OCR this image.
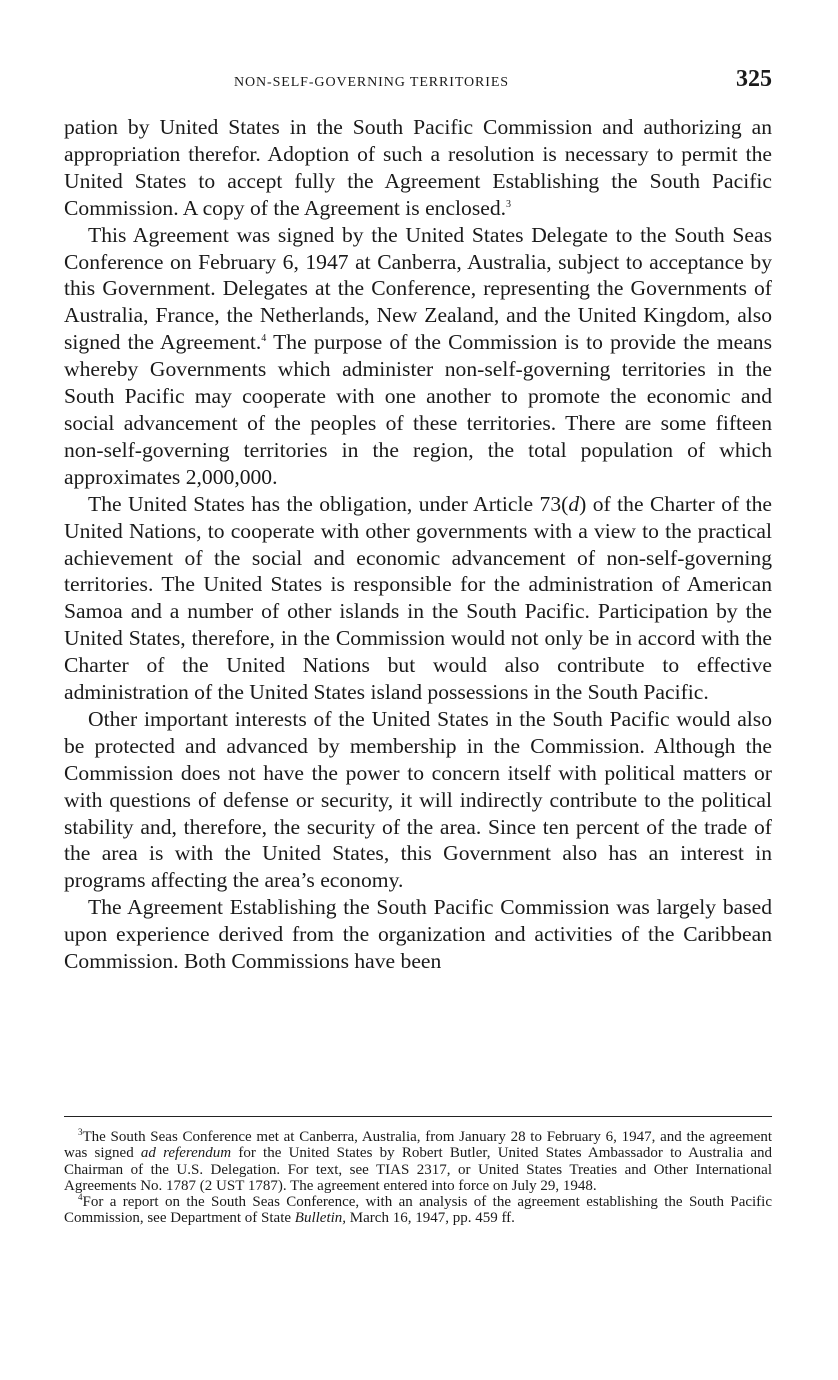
NON-SELF-GOVERNING TERRITORIES	325

pation by United States in the South Pacific Commission and authorizing an appropriation therefor. Adoption of such a resolution is necessary to permit the United States to accept fully the Agreement Establishing the South Pacific Commission. A copy of the Agreement is enclosed.$^3$

This Agreement was signed by the United States Delegate to the South Seas Conference on February 6, 1947 at Canberra, Australia, subject to acceptance by this Government. Delegates at the Conference, representing the Governments of Australia, France, the Netherlands, New Zealand, and the United Kingdom, also signed the Agreement.$^4$ The purpose of the Commission is to provide the means whereby Governments which administer non-self-governing territories in the South Pacific may cooperate with one another to promote the economic and social advancement of the peoples of these territories. There are some fifteen non-self-governing territories in the region, the total population of which approximates 2,000,000.

The United States has the obligation, under Article 73(d) of the Charter of the United Nations, to cooperate with other governments with a view to the practical achievement of the social and economic advancement of non-self-governing territories. The United States is responsible for the administration of American Samoa and a number of other islands in the South Pacific. Participation by the United States, therefore, in the Commission would not only be in accord with the Charter of the United Nations but would also contribute to effective administration of the United States island possessions in the South Pacific.

Other important interests of the United States in the South Pacific would also be protected and advanced by membership in the Commission. Although the Commission does not have the power to concern itself with political matters or with questions of defense or security, it will indirectly contribute to the political stability and, therefore, the security of the area. Since ten percent of the trade of the area is with the United States, this Government also has an interest in programs affecting the area’s economy.

The Agreement Establishing the South Pacific Commission was largely based upon experience derived from the organization and activities of the Caribbean Commission. Both Commissions have been

$^3$The South Seas Conference met at Canberra, Australia, from January 28 to February 6, 1947, and the agreement was signed ad referendum for the United States by Robert Butler, United States Ambassador to Australia and Chairman of the U.S. Delegation. For text, see TIAS 2317, or United States Treaties and Other International Agreements No. 1787 (2 UST 1787). The agreement entered into force on July 29, 1948.

$^4$For a report on the South Seas Conference, with an analysis of the agreement establishing the South Pacific Commission, see Department of State Bulletin, March 16, 1947, pp. 459 ff.
